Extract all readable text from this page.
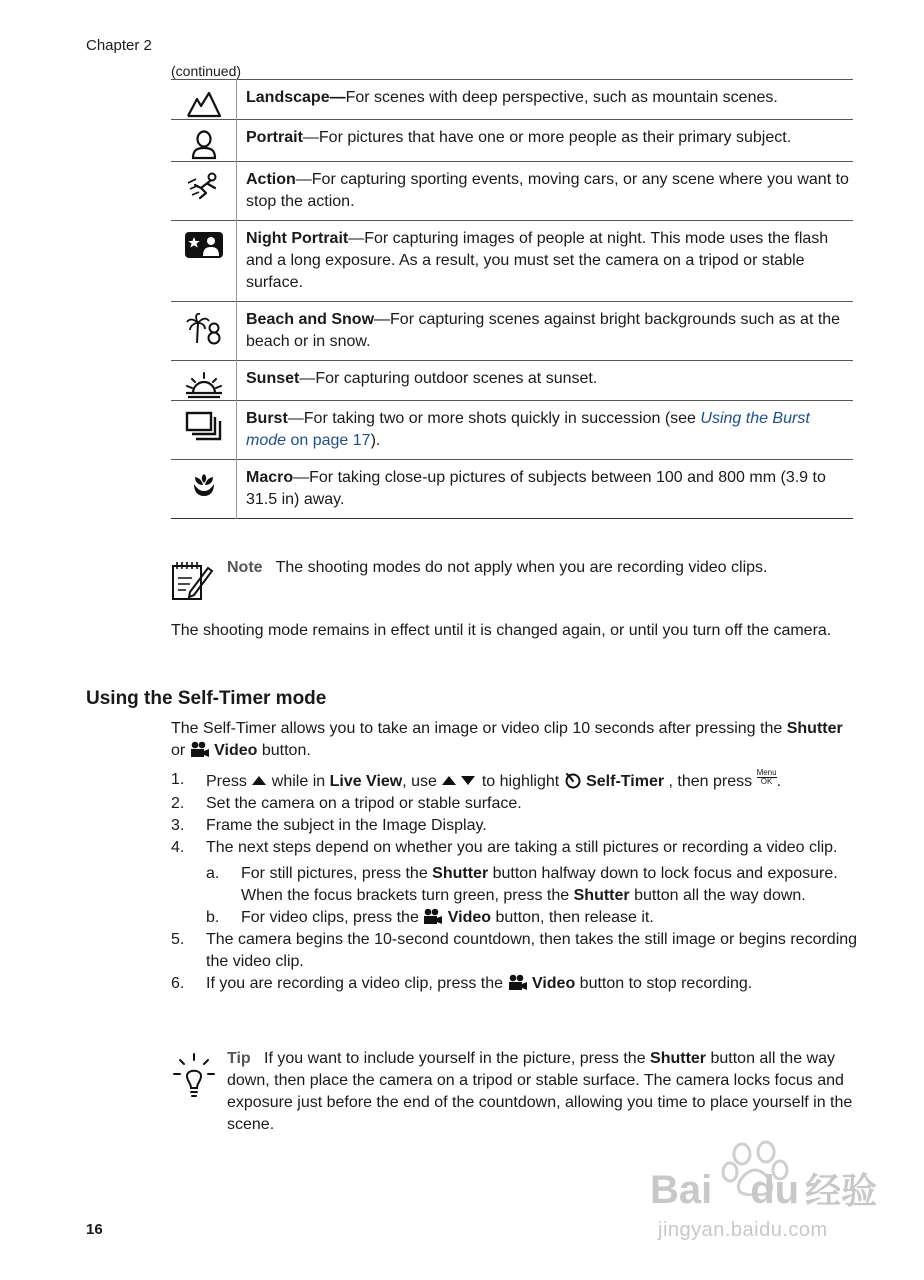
Chapter 2
(continued)
	Landscape—For scenes with deep perspective, such as mountain scenes.

	Portrait—For pictures that have one or more people as their primary subject.

	Action—For capturing sporting events, moving cars, or any scene where you want to stop the action.

	Night Portrait—For capturing images of people at night. This mode uses the flash and a long exposure. As a result, you must set the camera on a tripod or stable surface.

	Beach and Snow—For capturing scenes against bright backgrounds such as at the beach or in snow.

	Sunset—For capturing outdoor scenes at sunset.

	Burst—For taking two or more shots quickly in succession (see Using the Burst mode on page 17).

	Macro—For taking close-up pictures of subjects between 100 and 800 mm (3.9 to 31.5 in) away.
Note The shooting modes do not apply when you are recording video clips.
The shooting mode remains in effect until it is changed again, or until you turn off the camera.
Using the Self-Timer mode
The Self-Timer allows you to take an image or video clip 10 seconds after pressing the Shutter or  Video button.
1. Press  while in Live View, use  to highlight  Self-Timer , then press
Menu
OK .
2. Set the camera on a tripod or stable surface.
3. Frame the subject in the Image Display.
4. The next steps depend on whether you are taking a still pictures or recording a video clip.
a. For still pictures, press the Shutter button halfway down to lock focus and exposure. When the focus brackets turn green, press the Shutter button all the way down.
b. For video clips, press the  Video button, then release it.
5. The camera begins the 10-second countdown, then takes the still image or begins recording the video clip.
6. If you are recording a video clip, press the  Video button to stop recording.
Tip If you want to include yourself in the picture, press the Shutter button all the way down, then place the camera on a tripod or stable surface. The camera locks focus and exposure just before the end of the countdown, allowing you time to place yourself in the scene.
16
Bai du 经验
jingyan.baidu.com
